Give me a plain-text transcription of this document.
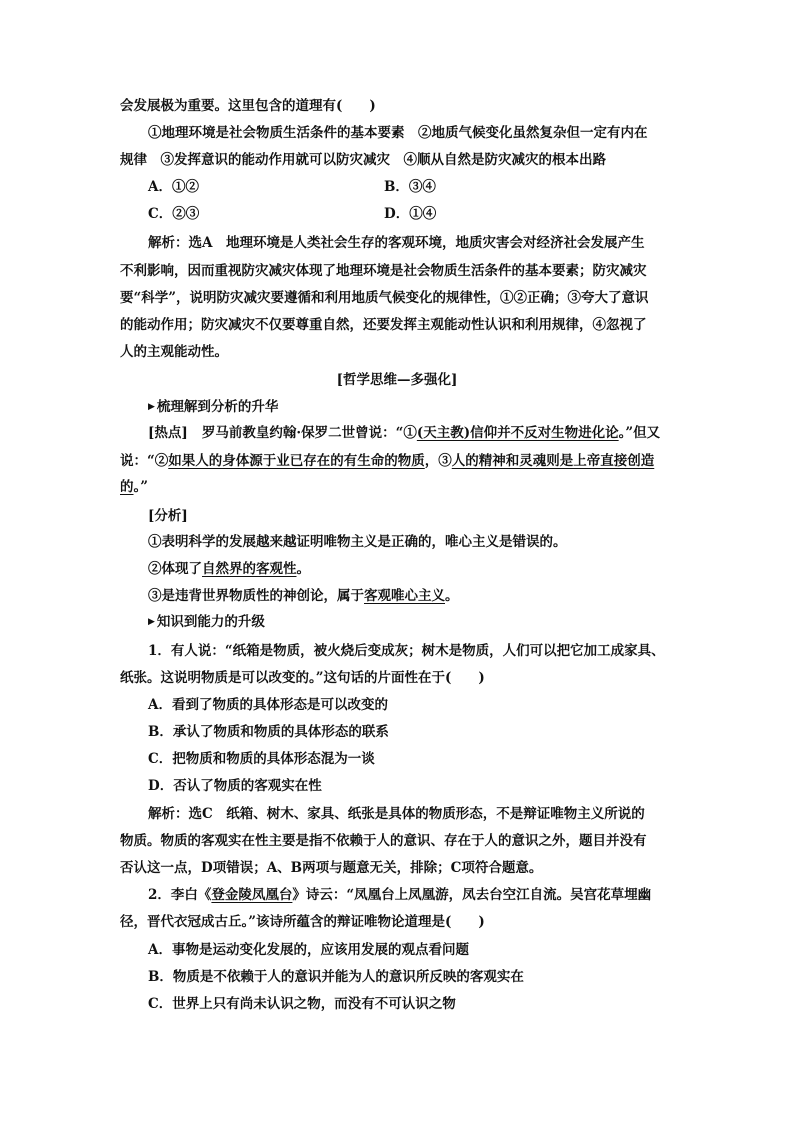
会发展极为重要。这里包含的道理有(　　)
①地理环境是社会物质生活条件的基本要素　②地质气候变化虽然复杂但一定有内在
规律　③发挥意识的能动作用就可以防灾减灾　④顺从自然是防灾减灾的根本出路
A．①②	B．③④
C．②③	D．①④
解析：选A　地理环境是人类社会生存的客观环境，地质灾害会对经济社会发展产生
不利影响，因而重视防灾减灾体现了地理环境是社会物质生活条件的基本要素；防灾减灾
要“科学”，说明防灾减灾要遵循和利用地质气候变化的规律性，①②正确；③夸大了意识
的能动作用；防灾减灾不仅要尊重自然，还要发挥主观能动性认识和利用规律，④忽视了
人的主观能动性。
[哲学思维—多强化]
▶ 梳理解到分析的升华
[热点] 罗马前教皇约翰·保罗二世曾说：“①(天主教)信仰并不反对生物进化论。”但又
说：“②如果人的身体源于业已存在的有生命的物质，③人的精神和灵魂则是上帝直接创造
的。”
[分析]
①表明科学的发展越来越证明唯物主义是正确的，唯心主义是错误的。
②体现了自然界的客观性。
③是违背世界物质性的神创论，属于客观唯心主义。
▶ 知识到能力的升级
1．有人说：“纸箱是物质，被火烧后变成灰；树木是物质，人们可以把它加工成家具、
纸张。这说明物质是可以改变的。”这句话的片面性在于(　　)
A．看到了物质的具体形态是可以改变的
B．承认了物质和物质的具体形态的联系
C．把物质和物质的具体形态混为一谈
D．否认了物质的客观实在性
解析：选C　纸箱、树木、家具、纸张是具体的物质形态，不是辩证唯物主义所说的
物质。物质的客观实在性主要是指不依赖于人的意识、存在于人的意识之外，题目并没有
否认这一点，D项错误；A、B两项与题意无关，排除；C项符合题意。
2．李白《登金陵凤凰台》诗云：“凤凰台上凤凰游，凤去台空江自流。吴宫花草埋幽
径，晋代衣冠成古丘。”该诗所蕴含的辩证唯物论道理是(　　)
A．事物是运动变化发展的，应该用发展的观点看问题
B．物质是不依赖于人的意识并能为人的意识所反映的客观实在
C．世界上只有尚未认识之物，而没有不可认识之物
